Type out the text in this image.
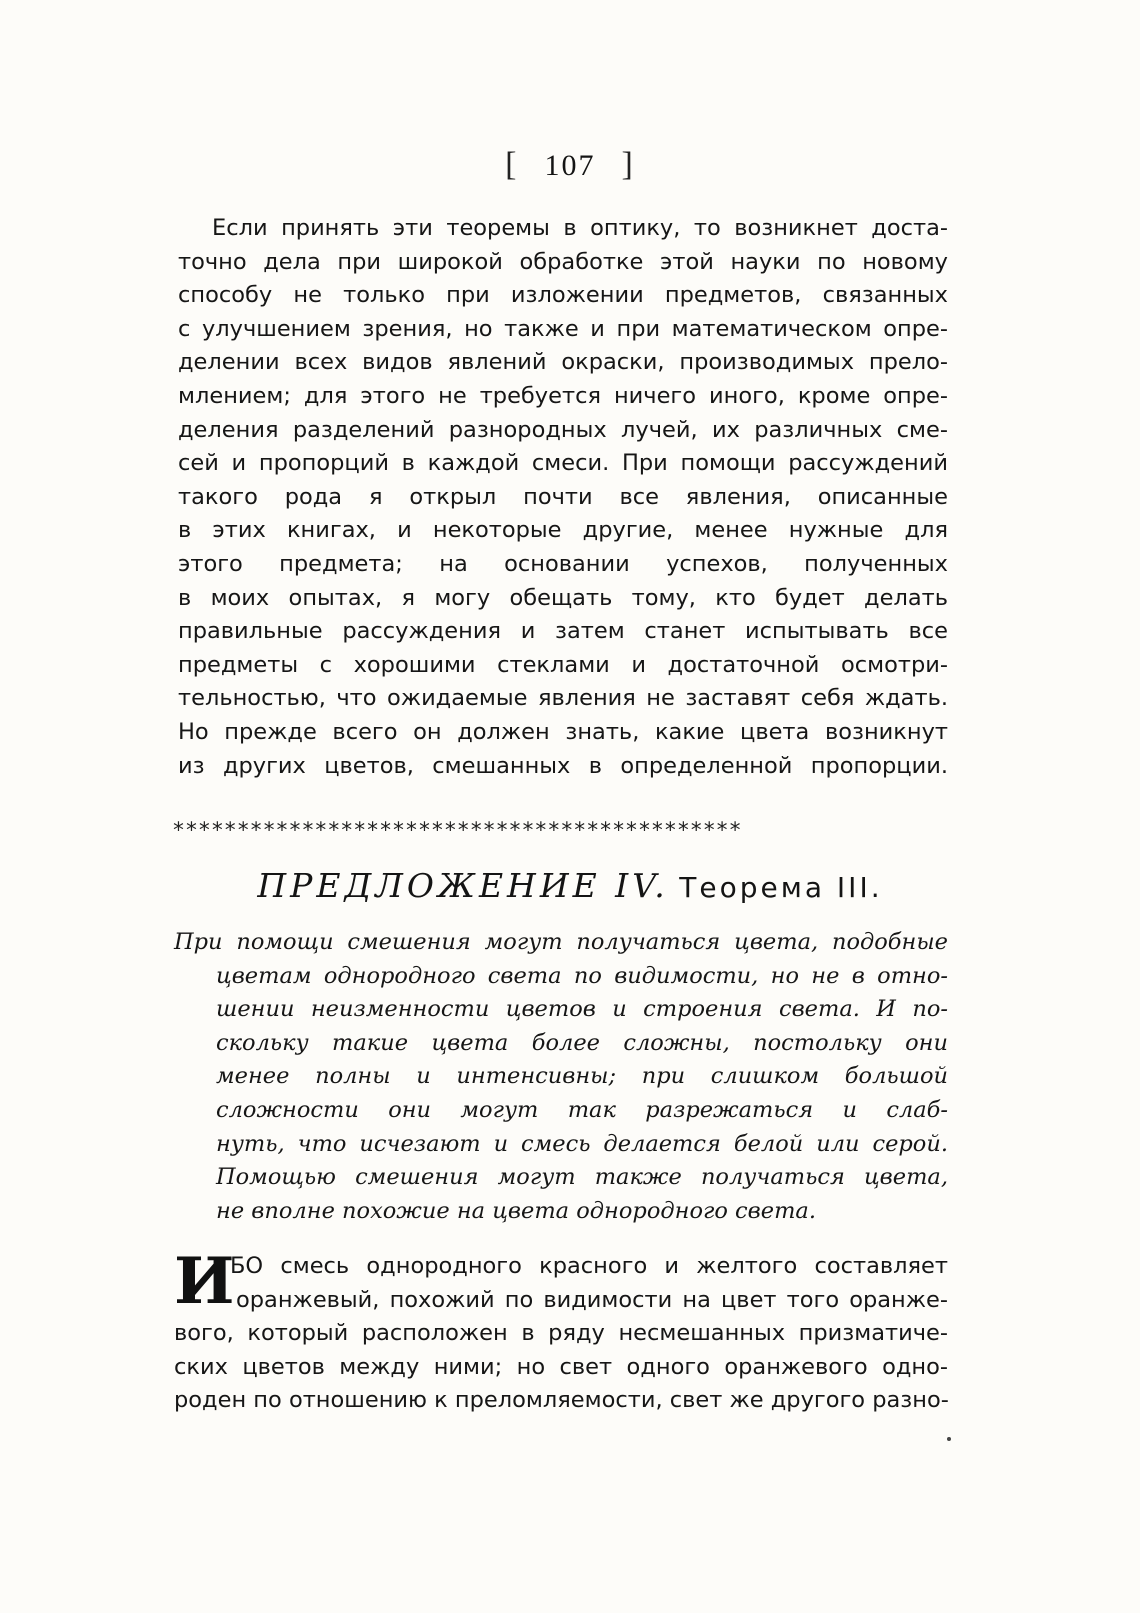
[ 107 ]
Если принять эти теоремы в оптику, то возникнет доста-
точно дела при широкой обработке этой науки по новому
способу не только при изложении предметов, связанных
с улучшением зрения, но также и при математическом опре-
делении всех видов явлений окраски, производимых прело-
млением; для этого не требуется ничего иного, кроме опре-
деления разделений разнородных лучей, их различных сме-
сей и пропорций в каждой смеси. При помощи рассуждений
такого рода я открыл почти все явления, описанные
в этих книгах, и некоторые другие, менее нужные для
этого предмета; на основании успехов, полученных
в моих опытах, я могу обещать тому, кто будет делать
правильные рассуждения и затем станет испытывать все
предметы с хорошими стеклами и достаточной осмотри-
тельностью, что ожидаемые явления не заставят себя ждать.
Но прежде всего он должен знать, какие цвета возникнут
из других цветов, смешанных в определенной пропорции.
********************************************
ПРЕДЛОЖЕНИЕ IV. Теорема III.
При помощи смешения могут получаться цвета, подобные
цветам однородного света по видимости, но не в отно-
шении неизменности цветов и строения света. И по-
скольку такие цвета более сложны, постольку они
менее полны и интенсивны; при слишком большой
сложности они могут так разрежаться и слаб-
нуть, что исчезают и смесь делается белой или серой.
Помощью смешения могут также получаться цвета,
не вполне похожие на цвета однородного света.
И
БО смесь однородного красного и желтого составляет
оранжевый, похожий по видимости на цвет того оранже-
вого, который расположен в ряду несмешанных призматиче-
ских цветов между ними; но свет одного оранжевого одно-
роден по отношению к преломляемости, свет же другого разно-
